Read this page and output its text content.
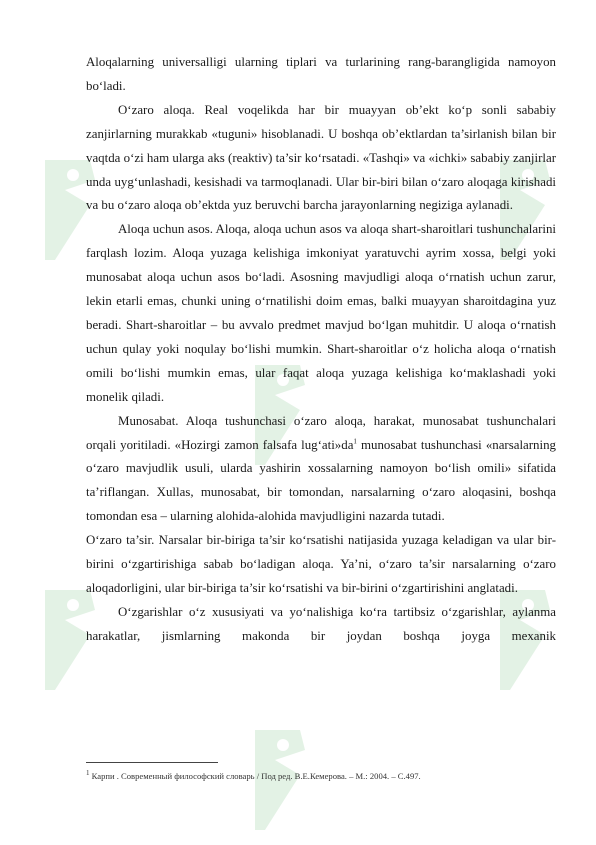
Aloqalarning universalligi ularning tiplari va turlarining rang-barangligida namoyon bo‘ladi.

O‘zaro aloqa. Real voqelikda har bir muayyan ob’ekt ko‘p sonli sababiy zanjirlarning murakkab «tuguni» hisoblanadi. U boshqa ob’ektlardan ta’sirlanish bilan bir vaqtda o‘zi ham ularga aks (reaktiv) ta’sir ko‘rsatadi. «Tashqi» va «ichki» sababiy zanjirlar unda uyg‘unlashadi, kesishadi va tarmoqlanadi. Ular bir-biri bilan o‘zaro aloqaga kirishadi va bu o‘zaro aloqa ob’ektda yuz beruvchi barcha jarayonlarning negiziga aylanadi.

Aloqa uchun asos. Aloqa, aloqa uchun asos va aloqa shart-sharoitlari tushunchalarini farqlash lozim. Aloqa yuzaga kelishiga imkoniyat yaratuvchi ayrim xossa, belgi yoki munosabat aloqa uchun asos bo‘ladi. Asosning mavjudligi aloqa o‘rnatish uchun zarur, lekin etarli emas, chunki uning o‘rnatilishi doim emas, balki muayyan sharoitdagina yuz beradi. Shart-sharoitlar – bu avvalo predmet mavjud bo‘lgan muhitdir. U aloqa o‘rnatish uchun qulay yoki noqulay bo‘lishi mumkin. Shart-sharoitlar o‘z holicha aloqa o‘rnatish omili bo‘lishi mumkin emas, ular faqat aloqa yuzaga kelishiga ko‘maklashadi yoki monelik qiladi.

Munosabat. Aloqa tushunchasi o‘zaro aloqa, harakat, munosabat tushunchalari orqali yoritiladi. «Hozirgi zamon falsafa $lug‘ati»da^1$ munosabat tushunchasi «narsalarning o‘zaro mavjudlik usuli, ularda yashirin xossalarning namoyon bo‘lish omili» sifatida ta’riflangan. Xullas, munosabat, bir tomondan, narsalarning o‘zaro aloqasini, boshqa tomondan esa – ularning alohida-alohida mavjudligini nazarda tutadi.

O‘zaro ta’sir. Narsalar bir-biriga ta’sir ko‘rsatishi natijasida yuzaga keladigan va ular bir-birini o‘zgartirishiga sabab bo‘ladigan aloqa. Ya’ni, o‘zaro ta’sir narsalarning o‘zaro aloqadorligini, ular bir-biriga ta’sir ko‘rsatishi va bir-birini o‘zgartirishini anglatadi.

O‘zgarishlar o‘z xususiyati va yo‘nalishiga ko‘ra tartibsiz o‘zgarishlar, aylanma harakatlar, jismlarning makonda bir joydan boshqa joyga mexanik

$^1$ Карпи . Современный философский словарь / Под ред. В.Е.Кемерова. – М.: 2004. – С.497.
